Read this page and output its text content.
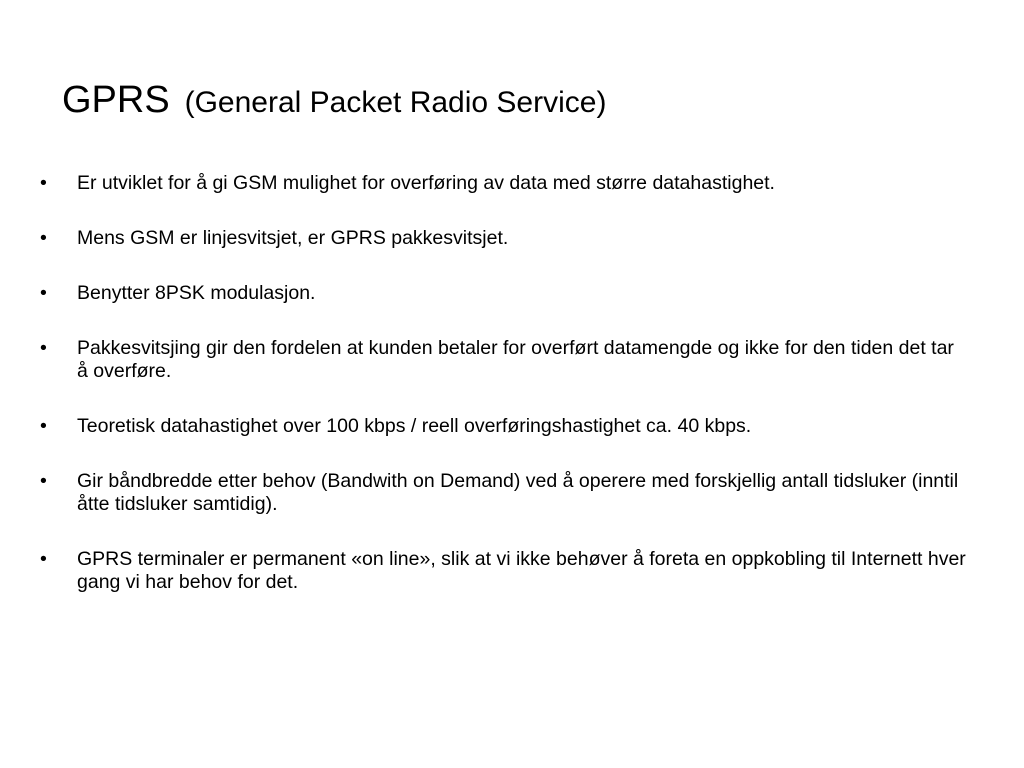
GPRS (General Packet Radio Service)
•	Er utviklet for å gi GSM mulighet for overføring av data med større datahastighet.
•	Mens GSM er linjesvitsjet, er GPRS pakkesvitsjet.
•	Benytter 8PSK modulasjon.
•	Pakkesvitsjing gir den fordelen at kunden betaler for overført datamengde og ikke for den tiden det tar å overføre.
•	Teoretisk datahastighet over 100 kbps / reell overføringshastighet ca. 40 kbps.
•	Gir båndbredde etter behov (Bandwith on Demand) ved å operere med forskjellig antall tidsluker (inntil åtte tidsluker samtidig).
•	GPRS terminaler er permanent «on line», slik at vi ikke behøver å foreta en oppkobling til Internett hver gang vi har behov for det.
